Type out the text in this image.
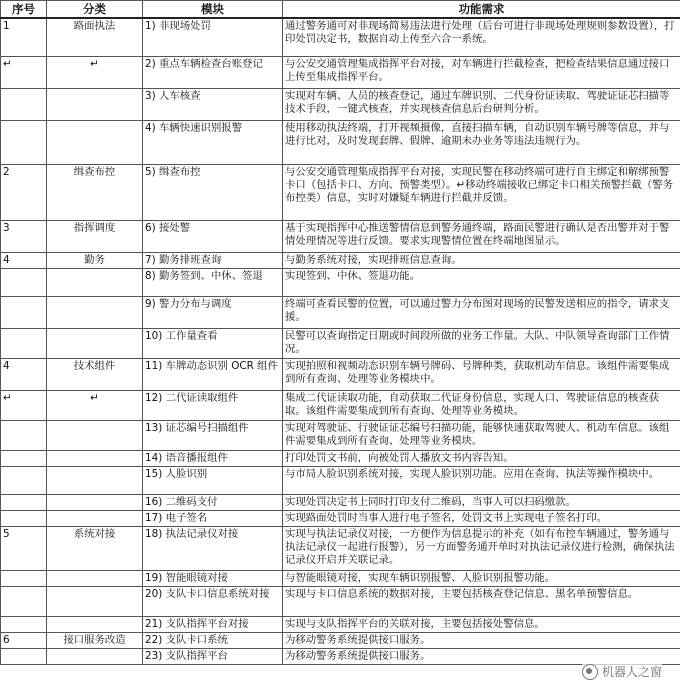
序号	分类	模块	功能需求
1	路面执法	1) 非现场处罚	通过警务通可对非现场简易违法进行处理（后台可进行非现场处理规则参数设置），打印处罚决定书，数据自动上传至六合一系统。
↵	↵	2) 重点车辆检查台账登记	与公安交通管理集成指挥平台对接，对车辆进行拦截检查，把检查结果信息通过接口上传至集成指挥平台。
		3) 人车核查	实现对车辆、人员的核查登记，通过车牌识别、二代身份证读取、驾驶证证芯扫描等技术手段，一键式核查，并实现核查信息后台研判分析。
		4) 车辆快速识别报警	使用移动执法终端，打开视频摄像，直接扫描车辆，自动识别车辆号牌等信息，并与进行比对，及时发现套牌、假牌、逾期未办业务等违法违规行为。
2	缉查布控	5) 缉查布控	与公安交通管理集成指挥平台对接，实现民警在移动终端可进行自主绑定和解绑预警卡口（包括卡口、方向、预警类型）。↵移动终端接收已绑定卡口相关预警拦截（警务布控类）信息，实时对嫌疑车辆进行拦截并反馈。
3	指挥调度	6) 接处警	基于实现指挥中心推送警情信息到警务通终端，路面民警进行确认是否出警并对于警情处理情况等进行反馈。要求实现警情位置在终端地图显示。
4	勤务	7) 勤务排班查询	与勤务系统对接，实现排班信息查询。
		8) 勤务签到、中休、签退	实现签到、中休、签退功能。
		9) 警力分布与调度	终端可查看民警的位置，可以通过警力分布图对现场的民警发送相应的指令，请求支援。
		10) 工作量查看	民警可以查询指定日期或时间段所做的业务工作量。大队、中队领导查询部门工作情况。
4	技术组件	11) 车牌动态识别 OCR 组件	实现拍照和视频动态识别车辆号牌码、号牌种类，获取机动车信息。该组件需要集成到所有查询、处理等业务模块中。
↵	↵	12) 二代证读取组件	集成二代证读取功能，自动获取二代证身份信息，实现人口、驾驶证信息的核查获取。该组件需要集成到所有查询、处理等业务模块。
		13) 证芯编号扫描组件	实现对驾驶证、行驶证证芯编号扫描功能，能够快速获取驾驶人、机动车信息。该组件需要集成到所有查询、处理等业务模块。
		14) 语音播报组件	打印处罚文书前，向被处罚人播放文书内容告知。
		15) 人脸识别	与市局人脸识别系统对接，实现人脸识别功能。应用在查询、执法等操作模块中。
		16) 二维码支付	实现处罚决定书上同时打印支付二维码，当事人可以扫码缴款。
		17) 电子签名	实现路面处罚时当事人进行电子签名，处罚文书上实现电子签名打印。
5	系统对接	18) 执法记录仪对接	实现与执法记录仪对接，一方便作为信息提示的补充（如有布控车辆通过，警务通与执法记录仪一起进行报警），另一方面警务通开单时对执法记录仪进行检测，确保执法记录仪开启并关联记录。
		19) 智能眼镜对接	与智能眼镜对接，实现车辆识别报警、人脸识别报警功能。
		20) 支队卡口信息系统对接	实现与卡口信息系统的数据对接，主要包括核查登记信息、黑名单预警信息。
		21) 支队指挥平台对接	实现与支队指挥平台的关联对接，主要包括接处警信息。
6	接口服务改造	22) 支队卡口系统	为移动警务系统提供接口服务。
		23) 支队指挥平台	为移动警务系统提供接口服务。
机器人之窗
